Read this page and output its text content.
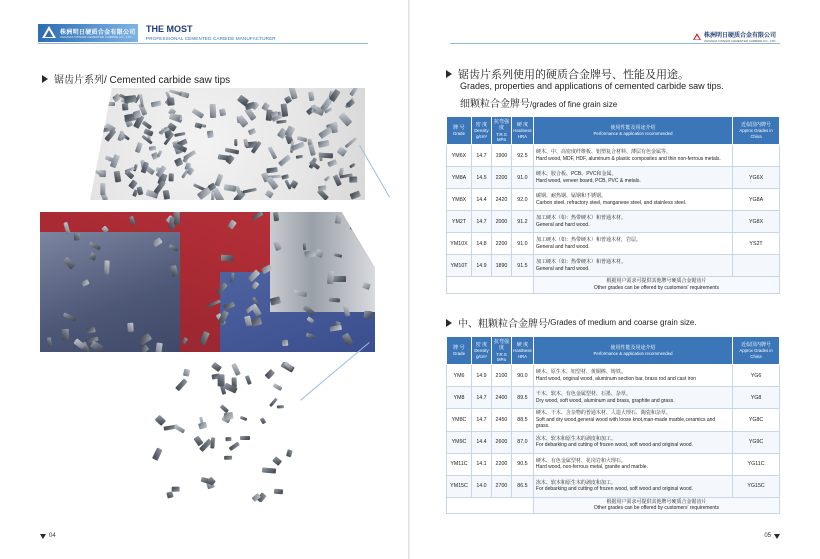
株洲明日硬质合金有限公司
ZHUZHOU MINGRI CEMENTED CARBIDE CO., LTD
THE MOST
PROFESSIONAL CEMENTED CARBIDE MANUFACTURER
锯齿片系列/ Cemented carbide saw tips
04
株洲明日硬质合金有限公司
ZHUZHOU MINGRI CEMENTED CARBIDE CO., LTD
锯齿片系列使用的硬质合金牌号、性能及用途。
Grades, properties and applications of cemented carbide saw tips.
细颗粒合金牌号/grades of fine grain size
牌 号
Grade	密 度
Density g/cm³	抗弯强度
T.R.S MPa	硬 度
Hardness HRA	使用性能及用途介绍
Performance & application recommended	近似国内牌号
Approx Grades in China
YM6X	14.7	1900	92.5	硬木、中、高密度纤维板、铝塑复合材料、薄层有色金属等。
Hard wood, MDF, HDF, aluminum & plastic composites and thin non-ferrous metals.	

YM8A	14.5	2200	91.0	硬木、胶合板、PCB、PVC和金属。
Hard wood, veneer board, PCB, PVC & metals.	YG6X
YM8X	14.4	2420	92.0	碳钢、耐热钢、锰钢和不锈钢。
Carbon steel, refractory steel, manganese steel, and stainless steel.	YG8A
YM2T	14.7	2000	91.2	加工硬木（如：热带硬木）和普通木材。
General and hard wood.	YG8X
YM10X	14.8	2200	91.0	加工硬木（如：热带硬木）和普通木材，岩层。
General and hard wood.	YS2T
YM10T	14.9	1890	91.5	加工硬木（如：热带硬木）和普通木材。
General and hard wood.	

				根据用户需求可提供其他牌号硬质合金锯齿片
Other grades can be offered by customers' requirements	
中、粗颗粒合金牌号 /Grades of medium and coarse grain size.
牌 号
Grade	密 度
Density g/cm³	抗弯强度
T.R.S MPa	硬 度
Hardness HRA	使用性能及用途介绍
Performance & application recommended	近似国内牌号
Approx Grades in China
YM6	14.9	2100	90.0	硬木、原生木、铝型材、黄铜棒、铸铁。
Hard wood, original wood, aluminum section bar, brass rod and cast iron	YG6
YM8	14.7	2400	89.5	干木、软木、有色金属型材、石墨、杂草。
Dry wood, soft wood, aluminum and brass, graphite and grass.	YG8
YM8C	14.7	2450	88.5	硬木、干木、含杂物的普通木材、人造大理石、陶瓷和杂草。
Soft and dry wood,general wood with loose knot,man-made marble,ceramics and grass.	YG8C
YM9C	14.4	2600	87.0	冻木、软木和原生木的剥皮和加工。
For debarking and cutting of frozen wood, soft wood and original wood.	YG9C
YM11C	14.1	2200	90.5	硬木、有色金属型材、花岗岩和大理石。
Hard wood, non-ferrous metal, granite and marble.	YG11C
YM15C	14.0	2700	86.5	冻木、软木和原生木的剥皮和加工。
For debarking and cutting of frozen wood, soft wood and original wood.	YG15C

				根据用户需求可提供其他牌号硬质合金锯齿片
Other grades can be offered by customers' requirements	
05
